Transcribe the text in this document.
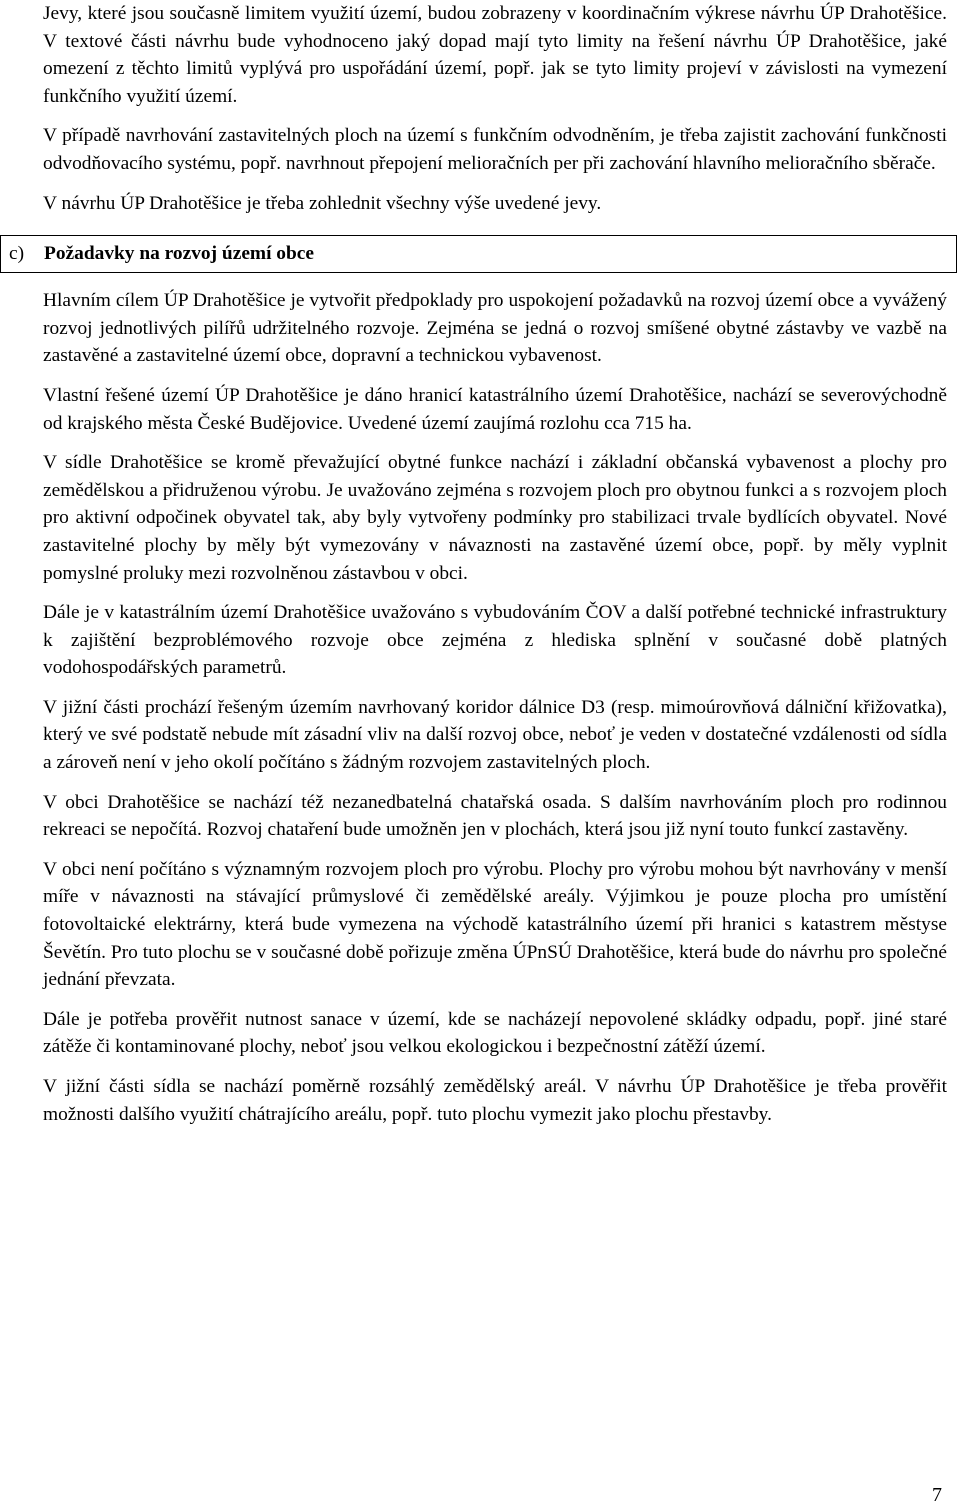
Jevy, které jsou současně limitem využití území, budou zobrazeny v koordinačním výkrese návrhu ÚP Drahotěšice. V textové části návrhu bude vyhodnoceno jaký dopad mají tyto limity na řešení návrhu ÚP Drahotěšice, jaké omezení z těchto limitů vyplývá pro uspořádání území, popř. jak se tyto limity projeví v závislosti na vymezení funkčního využití území.

V případě navrhování zastavitelných ploch na území s funkčním odvodněním, je třeba zajistit zachování funkčnosti odvodňovacího systému, popř. navrhnout přepojení melioračních per při zachování hlavního melioračního sběrače.

V návrhu ÚP Drahotěšice je třeba zohlednit všechny výše uvedené jevy.

c) Požadavky na rozvoj území obce

Hlavním cílem ÚP Drahotěšice je vytvořit předpoklady pro uspokojení požadavků na rozvoj území obce a vyvážený rozvoj jednotlivých pilířů udržitelného rozvoje. Zejména se jedná o rozvoj smíšené obytné zástavby ve vazbě na zastavěné a zastavitelné území obce, dopravní a technickou vybavenost.

Vlastní řešené území ÚP Drahotěšice je dáno hranicí katastrálního území Drahotěšice, nachází se severovýchodně od krajského města České Budějovice. Uvedené území zaujímá rozlohu cca 715 ha.

V sídle Drahotěšice se kromě převažující obytné funkce nachází i základní občanská vybavenost a plochy pro zemědělskou a přidruženou výrobu. Je uvažováno zejména s rozvojem ploch pro obytnou funkci a s rozvojem ploch pro aktivní odpočinek obyvatel tak, aby byly vytvořeny podmínky pro stabilizaci trvale bydlících obyvatel. Nové zastavitelné plochy by měly být vymezovány v návaznosti na zastavěné území obce, popř. by měly vyplnit pomyslné proluky mezi rozvolněnou zástavbou v obci.

Dále je v katastrálním území Drahotěšice uvažováno s vybudováním ČOV a další potřebné technické infrastruktury k zajištění bezproblémového rozvoje obce zejména z hlediska splnění v současné době platných vodohospodářských parametrů.

V jižní části prochází řešeným územím navrhovaný koridor dálnice D3 (resp. mimoúrovňová dálniční křižovatka), který ve své podstatě nebude mít zásadní vliv na další rozvoj obce, neboť je veden v dostatečné vzdálenosti od sídla a zároveň není v jeho okolí počítáno s žádným rozvojem zastavitelných ploch.

V obci Drahotěšice se nachází též nezanedbatelná chatařská osada. S dalším navrhováním ploch pro rodinnou rekreaci se nepočítá. Rozvoj chataření bude umožněn jen v plochách, která jsou již nyní touto funkcí zastavěny.

V obci není počítáno s významným rozvojem ploch pro výrobu. Plochy pro výrobu mohou být navrhovány v menší míře v návaznosti na stávající průmyslové či zemědělské areály. Výjimkou je pouze plocha pro umístění fotovoltaické elektrárny, která bude vymezena na východě katastrálního území při hranici s katastrem městyse Ševětín. Pro tuto plochu se v současné době pořizuje změna ÚPnSÚ Drahotěšice, která bude do návrhu pro společné jednání převzata.

Dále je potřeba prověřit nutnost sanace v území, kde se nacházejí nepovolené skládky odpadu, popř. jiné staré zátěže či kontaminované plochy, neboť jsou velkou ekologickou i bezpečnostní zátěží území.

V jižní části sídla se nachází poměrně rozsáhlý zemědělský areál. V návrhu ÚP Drahotěšice je třeba prověřit možnosti dalšího využití chátrajícího areálu, popř. tuto plochu vymezit jako plochu přestavby.

7
